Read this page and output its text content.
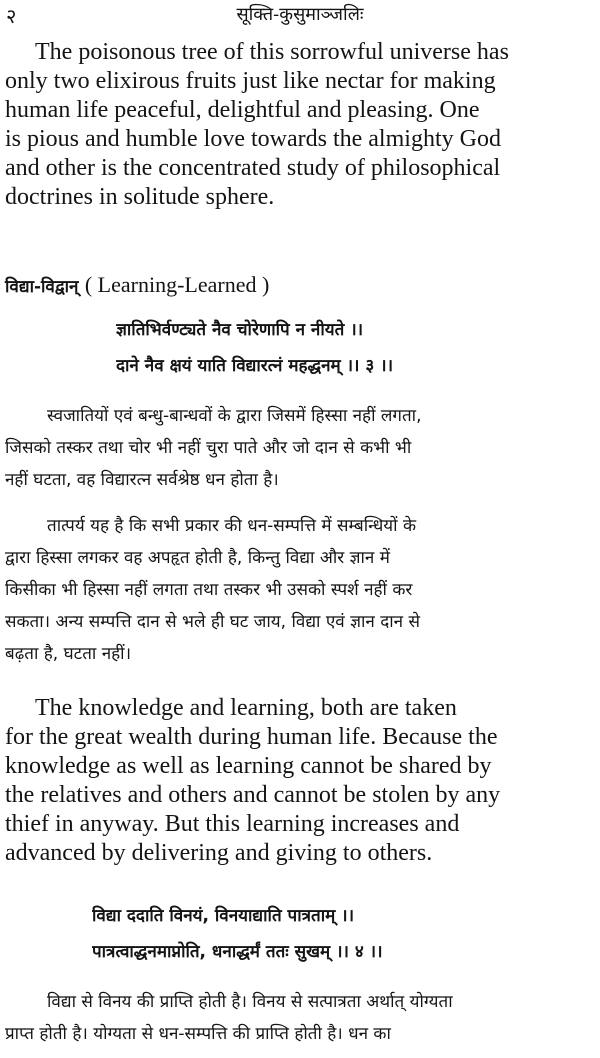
२	सूक्ति-कुसुमाञ्जलिः

The poisonous tree of this sorrowful universe has
only two elixirous fruits just like nectar for making
human life peaceful, delightful and pleasing. One
is pious and humble love towards the almighty God
and other is the concentrated study of philosophical
doctrines in solitude sphere.

विद्या-विद्वान् ( Learning-Learned )
ज्ञातिभिर्वण्ट्यते नैव चोरेणापि न नीयते ।।
दाने नैव क्षयं याति विद्यारत्नं महद्धनम् ।। ३ ।।

स्वजातियों एवं बन्धु-बान्धवों के द्वारा जिसमें हिस्सा नहीं लगता,
जिसको तस्कर तथा चोर भी नहीं चुरा पाते और जो दान से कभी भी
नहीं घटता, वह विद्यारत्न सर्वश्रेष्ठ धन होता है।

तात्पर्य यह है कि सभी प्रकार की धन-सम्पत्ति में सम्बन्धियों के
द्वारा हिस्सा लगकर वह अपहृत होती है, किन्तु विद्या और ज्ञान में
किसीका भी हिस्सा नहीं लगता तथा तस्कर भी उसको स्पर्श नहीं कर
सकता। अन्य सम्पत्ति दान से भले ही घट जाय, विद्या एवं ज्ञान दान से
बढ़ता है, घटता नहीं।

The knowledge and learning, both are taken
for the great wealth during human life. Because the
knowledge as well as learning cannot be shared by
the relatives and others and cannot be stolen by any
thief in anyway. But this learning increases and
advanced by delivering and giving to others.

विद्या ददाति विनयं, विनयाद्याति पात्रताम् ।।
पात्रत्वाद्धनमाप्नोति, धनाद्धर्मं ततः सुखम् ।। ४ ।।

विद्या से विनय की प्राप्ति होती है। विनय से सत्पात्रता अर्थात् योग्यता
प्राप्त होती है। योग्यता से धन-सम्पत्ति की प्राप्ति होती है। धन का
